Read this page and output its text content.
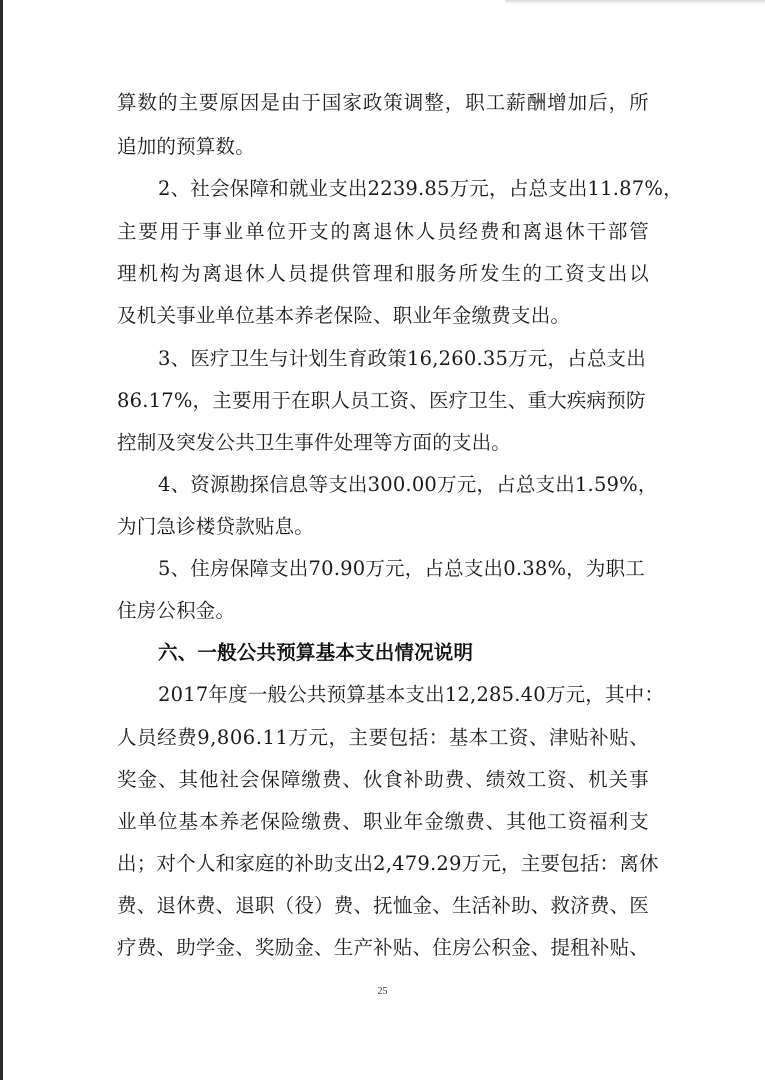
算 数 的 主 要 原 因 是 由 于 国 家 政 策 调 整 ， 职 工 薪 酬 增 加 后 ， 所
追加的预算数。
2、社会保障和就业支出2239.85万元，占总支出11.87%，
主 要 用 于 事 业 单 位 开 支 的 离 退 休 人 员 经 费 和 离 退 休 干 部 管
理 机 构 为 离 退 休 人 员 提 供 管 理 和 服 务 所 发 生 的 工 资 支 出 以
及机关事业单位基本养老保险、职业年金缴费支出。
3、医疗卫生与计划生育政策16,260.35万元，占总支出
86.17%，主要用于在职人员工资、医疗卫生、重大疾病预防
控制及突发公共卫生事件处理等方面的支出。
4、资源勘探信息等支出300.00万元，占总支出1.59%，
为门急诊楼贷款贴息。
5、住房保障支出70.90万元，占总支出0.38%，为职工
住房公积金。
六、一般公共预算基本支出情况说明
2017年度一般公共预算基本支出12,285.40万元，其中：
人 员 经 费 9 , 8 0 6 . 1 1 万 元 ， 主 要 包 括 ： 基 本 工 资 、 津 贴 补 贴 、
奖 金 、 其 他 社 会 保 障 缴 费 、 伙 食 补 助 费 、 绩 效 工 资 、 机 关 事
业 单 位 基 本 养 老 保 险 缴 费 、 职 业 年 金 缴 费 、 其 他 工 资 福 利 支
出 ； 对 个 人 和 家 庭 的 补 助 支 出 2 , 4 7 9 . 2 9 万 元 ， 主 要 包 括 ： 离 休
费 、 退 休 费 、 退 职 （ 役 ） 费 、 抚 恤 金 、 生 活 补 助 、 救 济 费 、 医
疗 费 、 助 学 金 、 奖 励 金 、 生 产 补 贴 、 住 房 公 积 金 、 提 租 补 贴 、
25
